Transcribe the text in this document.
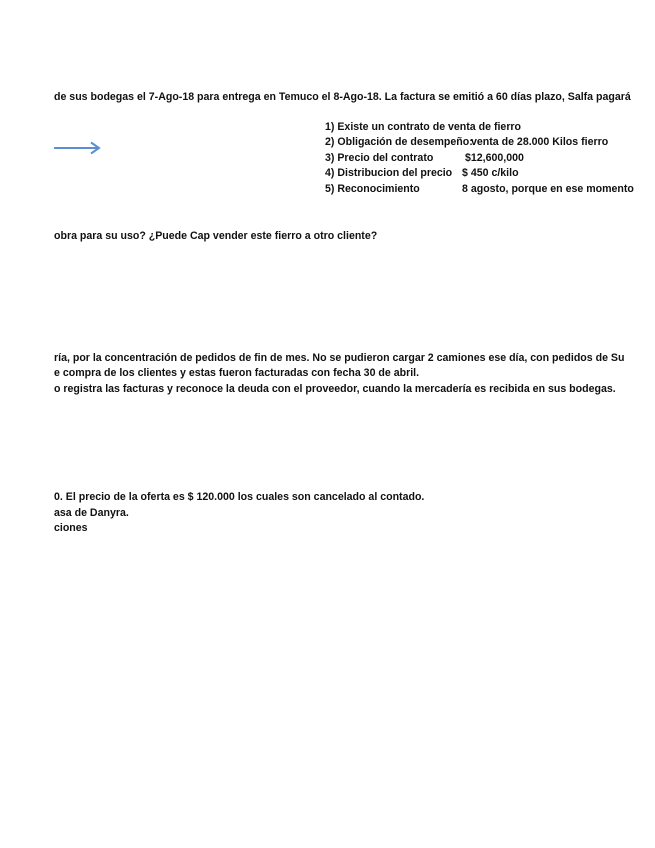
de sus bodegas el 7-Ago-18 para entrega en Temuco el 8-Ago-18. La factura se emitió a 60 días plazo, Salfa pagará
1) Existe un contrato de venta de fierro
2) Obligación de desempeño:
venta de 28.000 Kilos fierro
3) Precio del contrato	$12,600,000
4) Distribucion del precio $ 450 c/kilo
5) Reconocimiento	8 agosto, porque en ese momento
obra para su uso? ¿Puede Cap vender este fierro a otro cliente?
ría, por la concentración de pedidos de fin de mes. No se pudieron cargar 2 camiones ese día, con pedidos de Su
e compra de los clientes y estas fueron facturadas con fecha 30 de abril.
o registra las facturas y reconoce la deuda con el proveedor, cuando la mercadería es recibida en sus bodegas.
0. El precio de la oferta es $ 120.000 los cuales son cancelado al contado.
asa de Danyra.
ciones
